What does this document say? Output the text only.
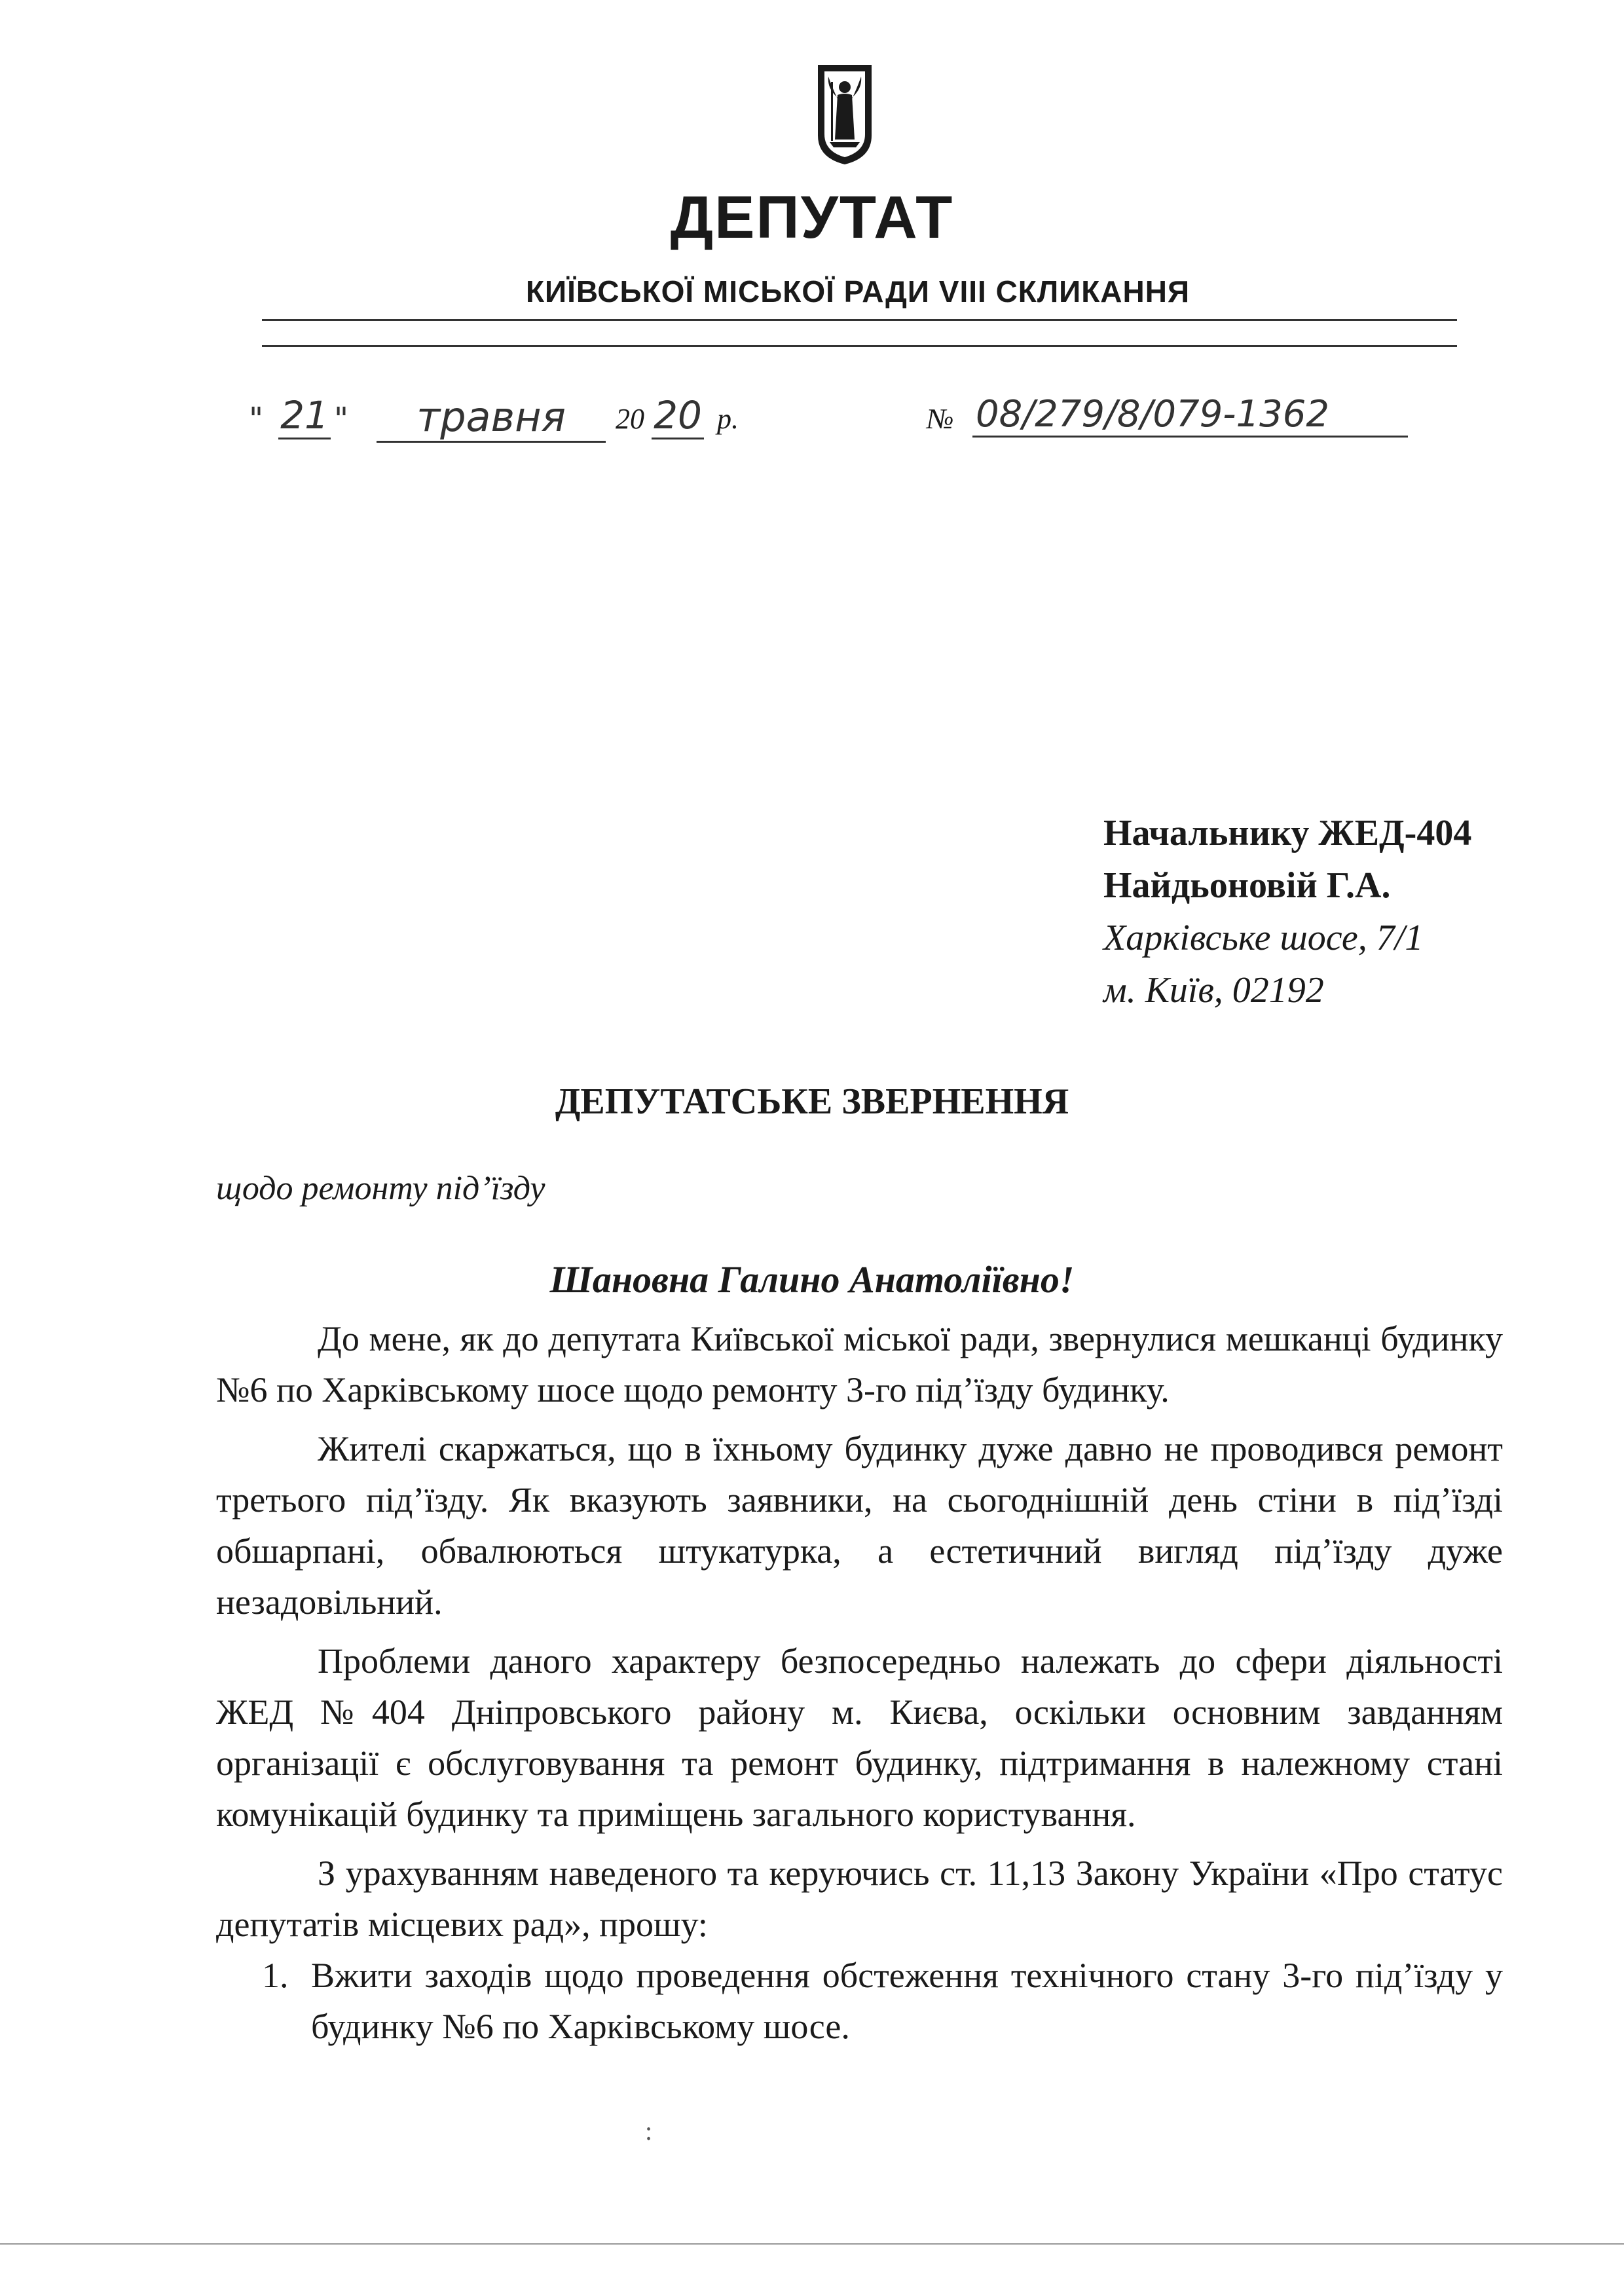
ДЕПУТАТ
КИЇВСЬКОЇ МІСЬКОЇ РАДИ VIII СКЛИКАННЯ
" 21 "	травня	20 20 р.	№ 08/279/8/079-1362
Начальнику ЖЕД-404
Найдьоновій Г.А.
Харківське шосе, 7/1
м. Київ, 02192
ДЕПУТАТСЬКЕ ЗВЕРНЕННЯ
щодо ремонту під’їзду
Шановна Галино Анатоліївно!

До мене, як до депутата Київської міської ради, звернулися мешканці будинку №6 по Харківському шосе щодо ремонту 3-го під’їзду будинку.

Жителі скаржаться, що в їхньому будинку дуже давно не проводився ремонт третього під’їзду. Як вказують заявники, на сьогоднішній день стіни в під’їзді обшарпані, обвалюються штукатурка, а естетичний вигляд під’їзду дуже незадовільний.

Проблеми даного характеру безпосередньо належать до сфери діяльності ЖЕД №404 Дніпровського району м. Києва, оскільки основним завданням організації є обслуговування та ремонт будинку, підтримання в належному стані комунікацій будинку та приміщень загального користування.

З урахуванням наведеного та керуючись ст. 11,13 Закону України «Про статус депутатів місцевих рад», прошу:

1. Вжити заходів щодо проведення обстеження технічного стану 3-го під’їзду у будинку №6 по Харківському шосе.
:
